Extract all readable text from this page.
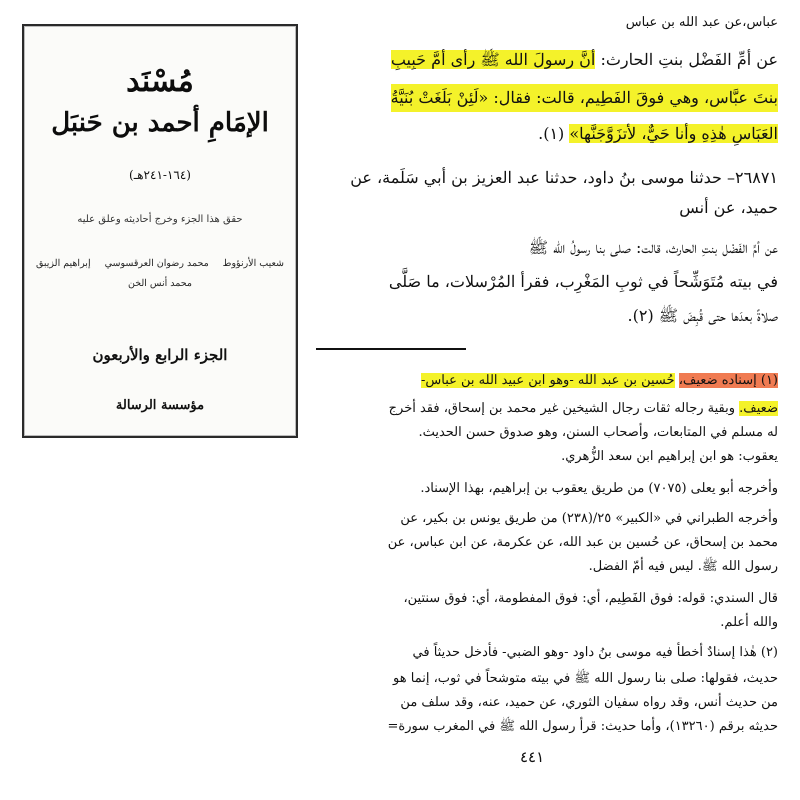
مُسْنَد
الإمَامِ أحمد بن حَنبَل
(١٦٤-٢٤١هـ)
حقق هذا الجزء وخرج أحاديثه وعلق عليه
شعيب الأرنؤوط
محمد رضوان العرقسوسي
إبراهيم الزيبق
محمد أنس الخن
الجزء الرابع والأربعون
مؤسسة الرسالة
عباس،عن عبد الله بن عباس
عن أمِّ الفَضْل بنتِ الحارث: أنَّ رسولَ الله ﷺ رأى أمَّ حَبِيبِ
بنتَ عبَّاس، وهي فوقَ الفَطِيم، قالت: فقال: «لَئِنْ بَلَغَتْ بُنَيَّةُ
العَبَاسِ هٰذِهِ وأنا حَيٌّ، لأتزَوَّجَنَّها» (١).
٢٦٨٧١– حدثنا موسى بنُ داود، حدثنا عبد العزيز بن أبي سَلَمة، عن
حميد، عن أنس
عن أمِّ الفَضْل بنتِ الحارث، قالت: صلى بنا رسولُ الله ﷺ
في بيته مُتَوَشِّحاً في ثوبِ المَغْرِب، فقرأ المُرْسلات، ما صَلَّى
صلاةً بعدَها حتى قُبِضَ ﷺ (٢).
(١) إسناده ضعيف، حُسين بن عبد الله -وهو ابن عبيد الله بن عباس-
ضعيف. وبقية رجاله ثقات رجال الشيخين غير محمد بن إسحاق، فقد أخرج
له مسلم في المتابعات، وأصحاب السنن، وهو صدوق حسن الحديث.
يعقوب: هو ابن إبراهيم ابن سعد الزُّهري.
وأخرجه أبو يعلى (٧٠٧٥) من طريق يعقوب بن إبراهيم، بهذا الإسناد.
وأخرجه الطبراني في «الكبير» ٢٥/(٢٣٨) من طريق يونس بن بكير، عن
محمد بن إسحاق، عن حُسين بن عبد الله، عن عكرمة، عن ابن عباس، عن
رسول الله ﷺ. ليس فيه أمّ الفضل.
قال السندي: قوله: فوق الفَطِيم، أي: فوق المفطومة، أي: فوق سنتين،
والله أعلم.
(٢) هٰذا إسنادٌ أخطأ فيه موسى بنُ داود -وهو الضبي- فأدخل حديثاً في
حديث، فقولها: صلى بنا رسول الله ﷺ في بيته متوشحاً في ثوب، إنما هو
من حديث أنس، وقد رواه سفيان الثوري، عن حميد، عنه، وقد سلف من
حديثه برقم (١٣٢٦٠)، وأما حديث: قرأ رسول الله ﷺ في المغرب سورة=
٤٤١
